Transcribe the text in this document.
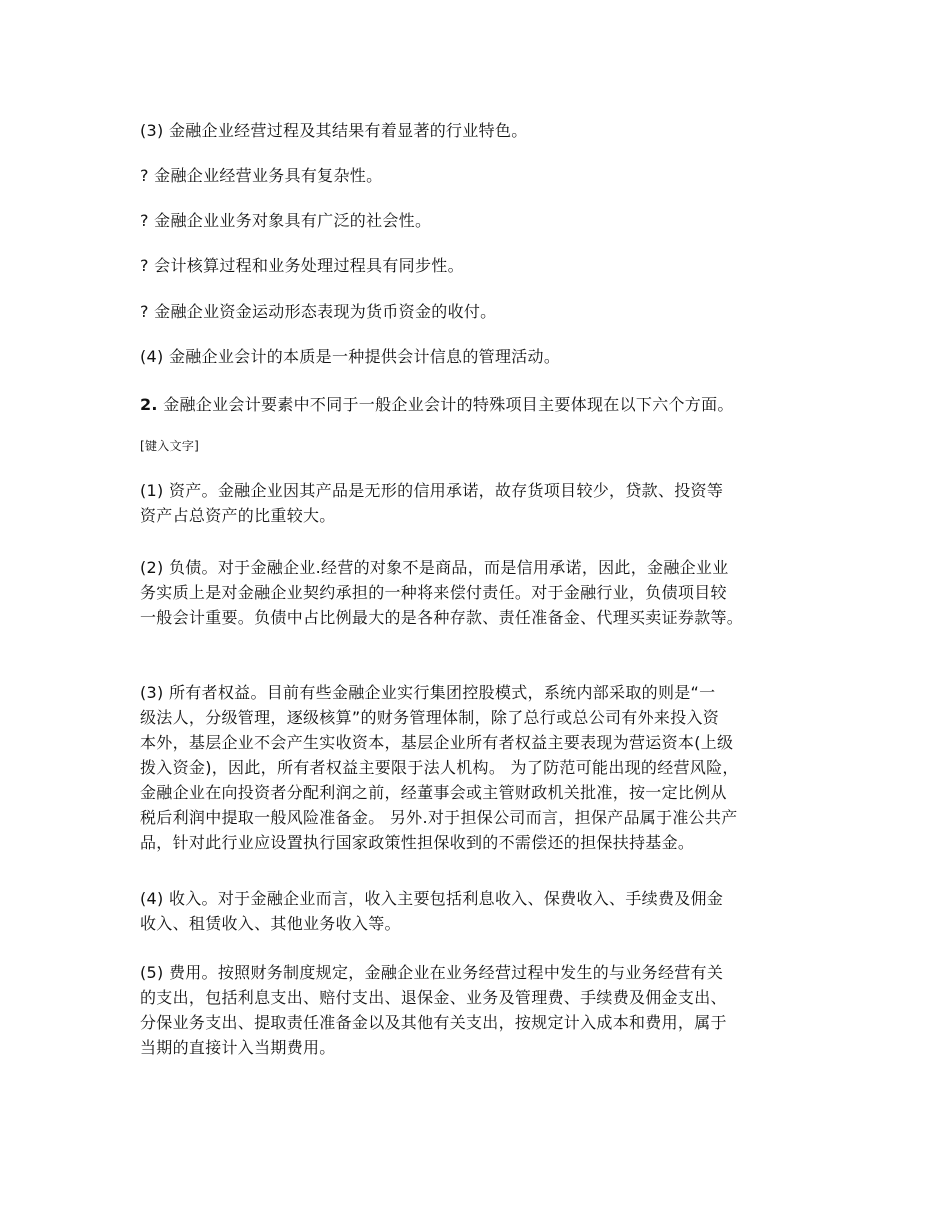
(3) 金融企业经营过程及其结果有着显著的行业特色。

? 金融企业经营业务具有复杂性。

? 金融企业业务对象具有广泛的社会性。

? 会计核算过程和业务处理过程具有同步性。

? 金融企业资金运动形态表现为货币资金的收付。

(4) 金融企业会计的本质是一种提供会计信息的管理活动。

2. 金融企业会计要素中不同于一般企业会计的特殊项目主要体现在以下六个方面。

[键入文字]

(1) 资产。金融企业因其产品是无形的信用承诺，故存货项目较少，贷款、投资等
资产占总资产的比重较大。

(2) 负债。对于金融企业.经营的对象不是商品，而是信用承诺，因此，金融企业业
务实质上是对金融企业契约承担的一种将来偿付责任。对于金融行业，负债项目较
一般会计重要。负债中占比例最大的是各种存款、责任准备金、代理买卖证券款等。

(3) 所有者权益。目前有些金融企业实行集团控股模式，系统内部采取的则是“一
级法人，分级管理，逐级核算”的财务管理体制，除了总行或总公司有外来投入资
本外，基层企业不会产生实收资本，基层企业所有者权益主要表现为营运资本(上级
拨入资金)，因此，所有者权益主要限于法人机构。 为了防范可能出现的经营风险，
金融企业在向投资者分配利润之前，经董事会或主管财政机关批准，按一定比例从
税后利润中提取一般风险准备金。 另外.对于担保公司而言，担保产品属于准公共产
品，针对此行业应设置执行国家政策性担保收到的不需偿还的担保扶持基金。

(4) 收入。对于金融企业而言，收入主要包括利息收入、保费收入、手续费及佣金
收入、租赁收入、其他业务收入等。

(5) 费用。按照财务制度规定，金融企业在业务经营过程中发生的与业务经营有关
的支出，包括利息支出、赔付支出、退保金、业务及管理费、手续费及佣金支出、
分保业务支出、提取责任准备金以及其他有关支出，按规定计入成本和费用，属于
当期的直接计入当期费用。
